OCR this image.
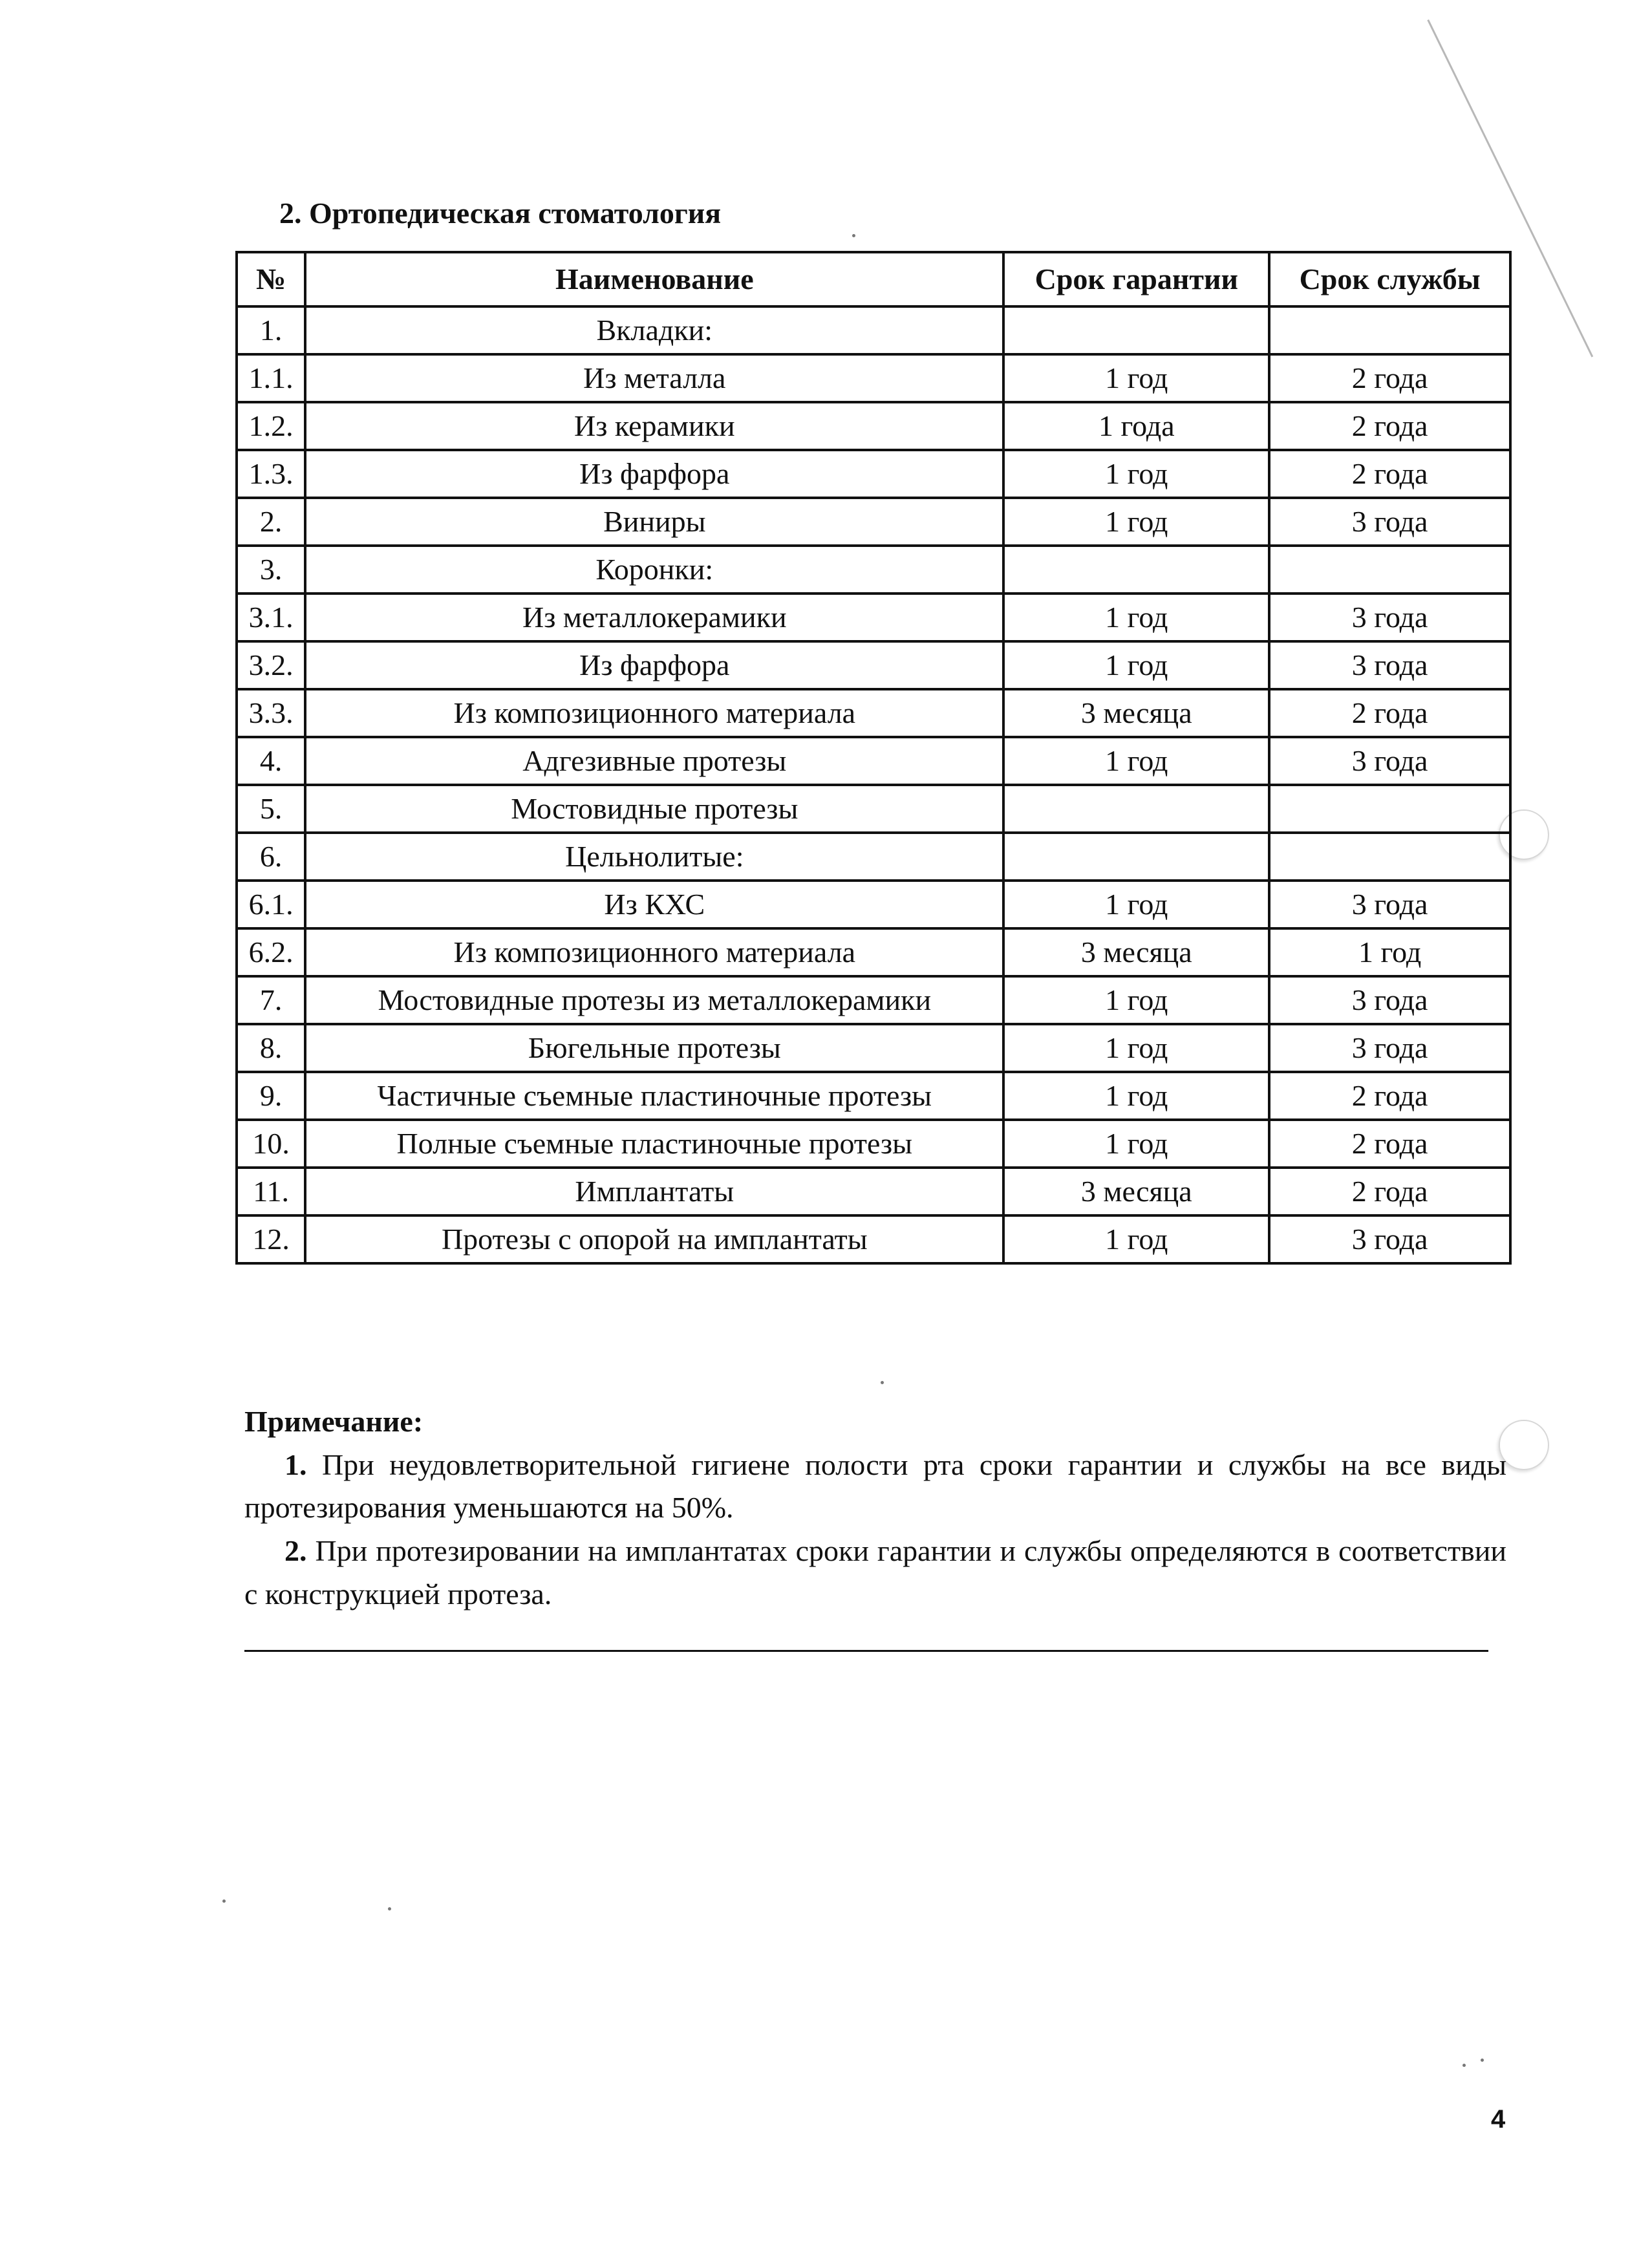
2. Ортопедическая стоматология
№	Наименование	Срок гарантии	Срок службы
1.	Вкладки:		
1.1.	Из металла	1 год	2 года
1.2.	Из керамики	1 года	2 года
1.3.	Из фарфора	1 год	2 года
2.	Виниры	1 год	3 года
3.	Коронки:		
3.1.	Из металлокерамики	1 год	3 года
3.2.	Из фарфора	1 год	3 года
3.3.	Из композиционного материала	3 месяца	2 года
4.	Адгезивные протезы	1 год	3 года
5.	Мостовидные протезы		
6.	Цельнолитые:		
6.1.	Из КХС	1 год	3 года
6.2.	Из композиционного материала	3 месяца	1 год
7.	Мостовидные протезы из металлокерамики	1 год	3 года
8.	Бюгельные протезы	1 год	3 года
9.	Частичные съемные пластиночные протезы	1 год	2 года
10.	Полные съемные пластиночные протезы	1 год	2 года
11.	Имплантаты	3 месяца	2 года
12.	Протезы с опорой на имплантаты	1 год	3 года

Примечание:

1. При неудовлетворительной гигиене полости рта сроки гарантии и службы на все виды протезирования уменьшаются на 50%.

2. При протезировании на имплантатах сроки гарантии и службы определяются в соответствии с конструкцией протеза.

4
